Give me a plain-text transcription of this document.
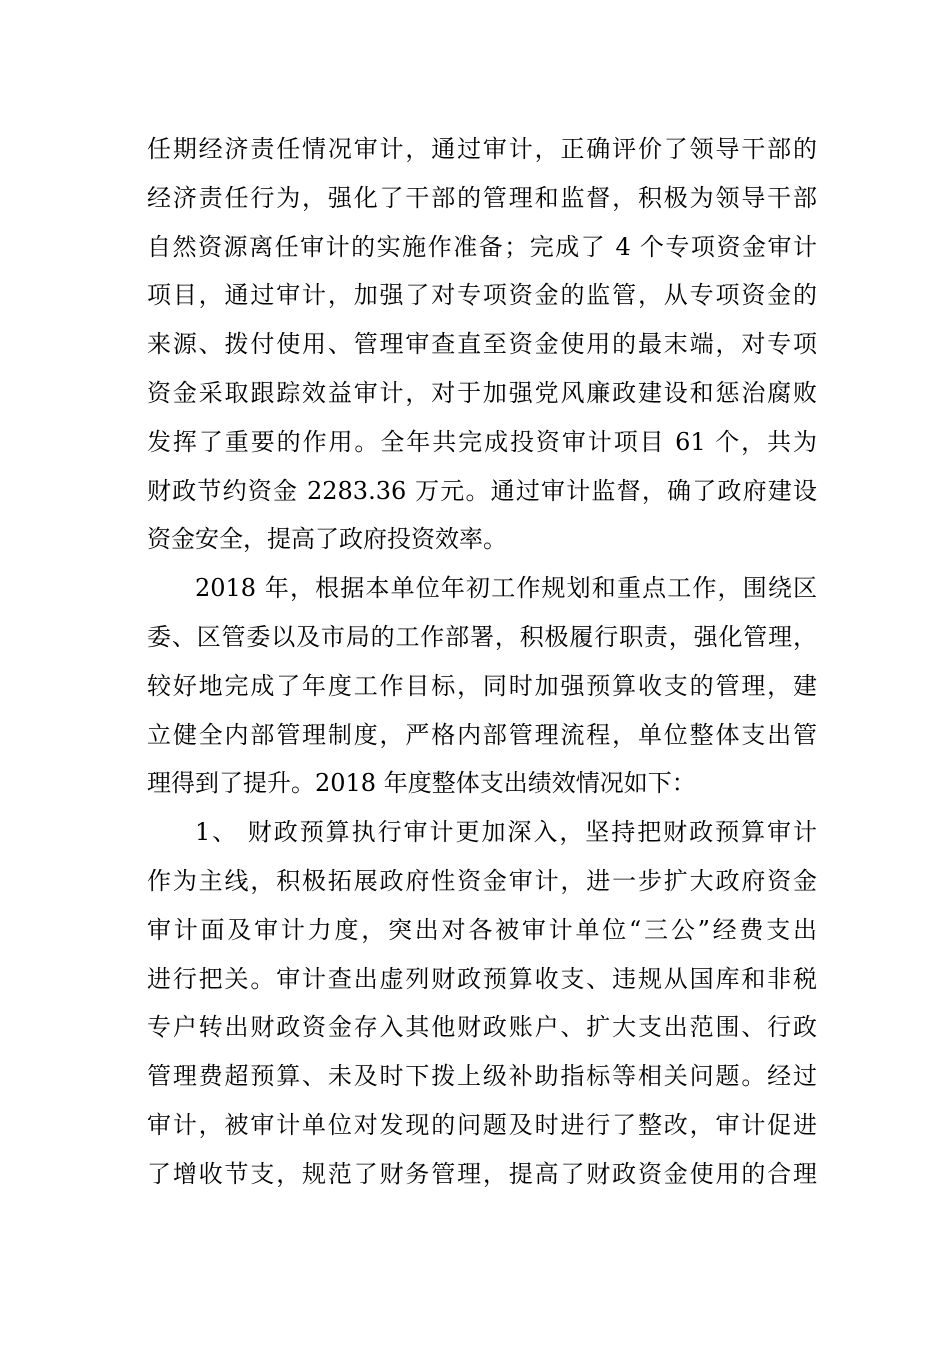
任期经济责任情况审计，通过审计，正确评价了领导干部的
经济责任行为，强化了干部的管理和监督，积极为领导干部
自然资源离任审计的实施作准备；完成了 4 个专项资金审计
项目，通过审计，加强了对专项资金的监管，从专项资金的
来源、拨付使用、管理审查直至资金使用的最末端，对专项
资金采取跟踪效益审计，对于加强党风廉政建设和惩治腐败
发挥了重要的作用。全年共完成投资审计项目 61 个，共为
财政节约资金 2283.36 万元。通过审计监督，确了政府建设
资金安全，提高了政府投资效率。
2018 年，根据本单位年初工作规划和重点工作，围绕区
委、区管委以及市局的工作部署，积极履行职责，强化管理，
较好地完成了年度工作目标，同时加强预算收支的管理，建
立健全内部管理制度，严格内部管理流程，单位整体支出管
理得到了提升。2018 年度整体支出绩效情况如下：
1、 财政预算执行审计更加深入，坚持把财政预算审计
作为主线，积极拓展政府性资金审计，进一步扩大政府资金
审计面及审计力度，突出对各被审计单位“三公”经费支出
进行把关。审计查出虚列财政预算收支、违规从国库和非税
专户转出财政资金存入其他财政账户、扩大支出范围、行政
管理费超预算、未及时下拨上级补助指标等相关问题。经过
审计，被审计单位对发现的问题及时进行了整改，审计促进
了增收节支，规范了财务管理，提高了财政资金使用的合理
